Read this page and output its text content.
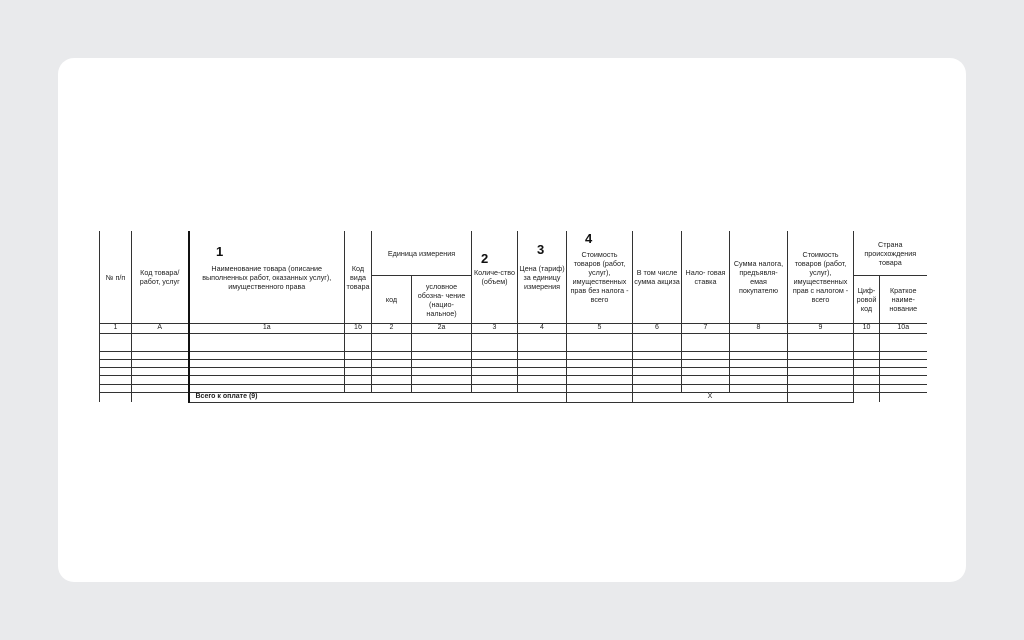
1	2
3
4
№ п/п	Код товара/ работ, услуг	Наименование товара (описание выполненных работ, оказанных услуг), имущественного права	Код вида товара	Единица измерения		Количе-ство (объем)	Цена (тариф) за единицу измерения	Стоимость товаров (работ, услуг), имущественных прав без налога - всего	В том числе сумма акциза	Нало- говая ставка	Сумма налога, предъявля- емая покупателю	Стоимость товаров (работ, услуг), имущественных прав с налогом - всего	Страна происхождения товара	
				код	условное обозна- чение (нацио- нальное)								Циф- ровой код	Краткое наиме- нование
1	А	1а	1б	2	2а	3	4	5	6	7	8	9	10	10а

		Всего к оплате (9)							X					
